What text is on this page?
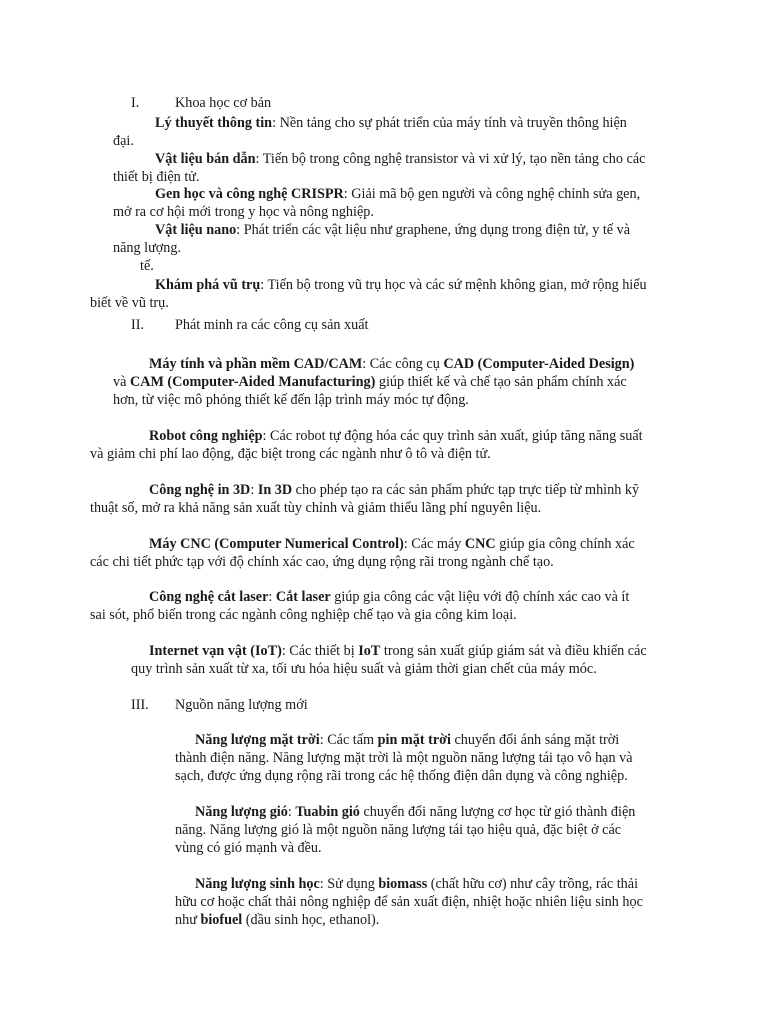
I.	Khoa học cơ bản
Lý thuyết thông tin: Nền tảng cho sự phát triển của máy tính và truyền thông hiện
đại.
Vật liệu bán dẫn: Tiến bộ trong công nghệ transistor và vi xử lý, tạo nền tảng cho các
thiết bị điện tử.
Gen học và công nghệ CRISPR: Giải mã bộ gen người và công nghệ chỉnh sửa gen,
mở ra cơ hội mới trong y học và nông nghiệp.
Vật liệu nano: Phát triển các vật liệu như graphene, ứng dụng trong điện tử, y tế và
năng lượng.
tế.
Khám phá vũ trụ: Tiến bộ trong vũ trụ học và các sứ mệnh không gian, mở rộng hiểu
biết về vũ trụ.
II. Phát minh ra các công cụ sản xuất
Máy tính và phần mềm CAD/CAM: Các công cụ CAD (Computer-Aided Design)
và CAM (Computer-Aided Manufacturing) giúp thiết kế và chế tạo sản phẩm chính xác
hơn, từ việc mô phỏng thiết kế đến lập trình máy móc tự động.
Robot công nghiệp: Các robot tự động hóa các quy trình sản xuất, giúp tăng năng suất
và giảm chi phí lao động, đặc biệt trong các ngành như ô tô và điện tử.
Công nghệ in 3D: In 3D cho phép tạo ra các sản phẩm phức tạp trực tiếp từ mhình kỹ
thuật số, mở ra khả năng sản xuất tùy chỉnh và giảm thiểu lãng phí nguyên liệu.
Máy CNC (Computer Numerical Control): Các máy CNC giúp gia công chính xác
các chi tiết phức tạp với độ chính xác cao, ứng dụng rộng rãi trong ngành chế tạo.
Công nghệ cắt laser: Cắt laser giúp gia công các vật liệu với độ chính xác cao và ít
sai sót, phổ biến trong các ngành công nghiệp chế tạo và gia công kim loại.
Internet vạn vật (IoT): Các thiết bị IoT trong sản xuất giúp giám sát và điều khiển các
quy trình sản xuất từ xa, tối ưu hóa hiệu suất và giảm thời gian chết của máy móc.
III. Nguồn năng lượng mới
Năng lượng mặt trời: Các tấm pin mặt trời chuyển đổi ánh sáng mặt trời
thành điện năng. Năng lượng mặt trời là một nguồn năng lượng tái tạo vô hạn và
sạch, được ứng dụng rộng rãi trong các hệ thống điện dân dụng và công nghiệp.
Năng lượng gió: Tuabin gió chuyển đổi năng lượng cơ học từ gió thành điện
năng. Năng lượng gió là một nguồn năng lượng tái tạo hiệu quả, đặc biệt ở các
vùng có gió mạnh và đều.
Năng lượng sinh học: Sử dụng biomass (chất hữu cơ) như cây trồng, rác thải
hữu cơ hoặc chất thải nông nghiệp để sản xuất điện, nhiệt hoặc nhiên liệu sinh học
như biofuel (dầu sinh học, ethanol).
